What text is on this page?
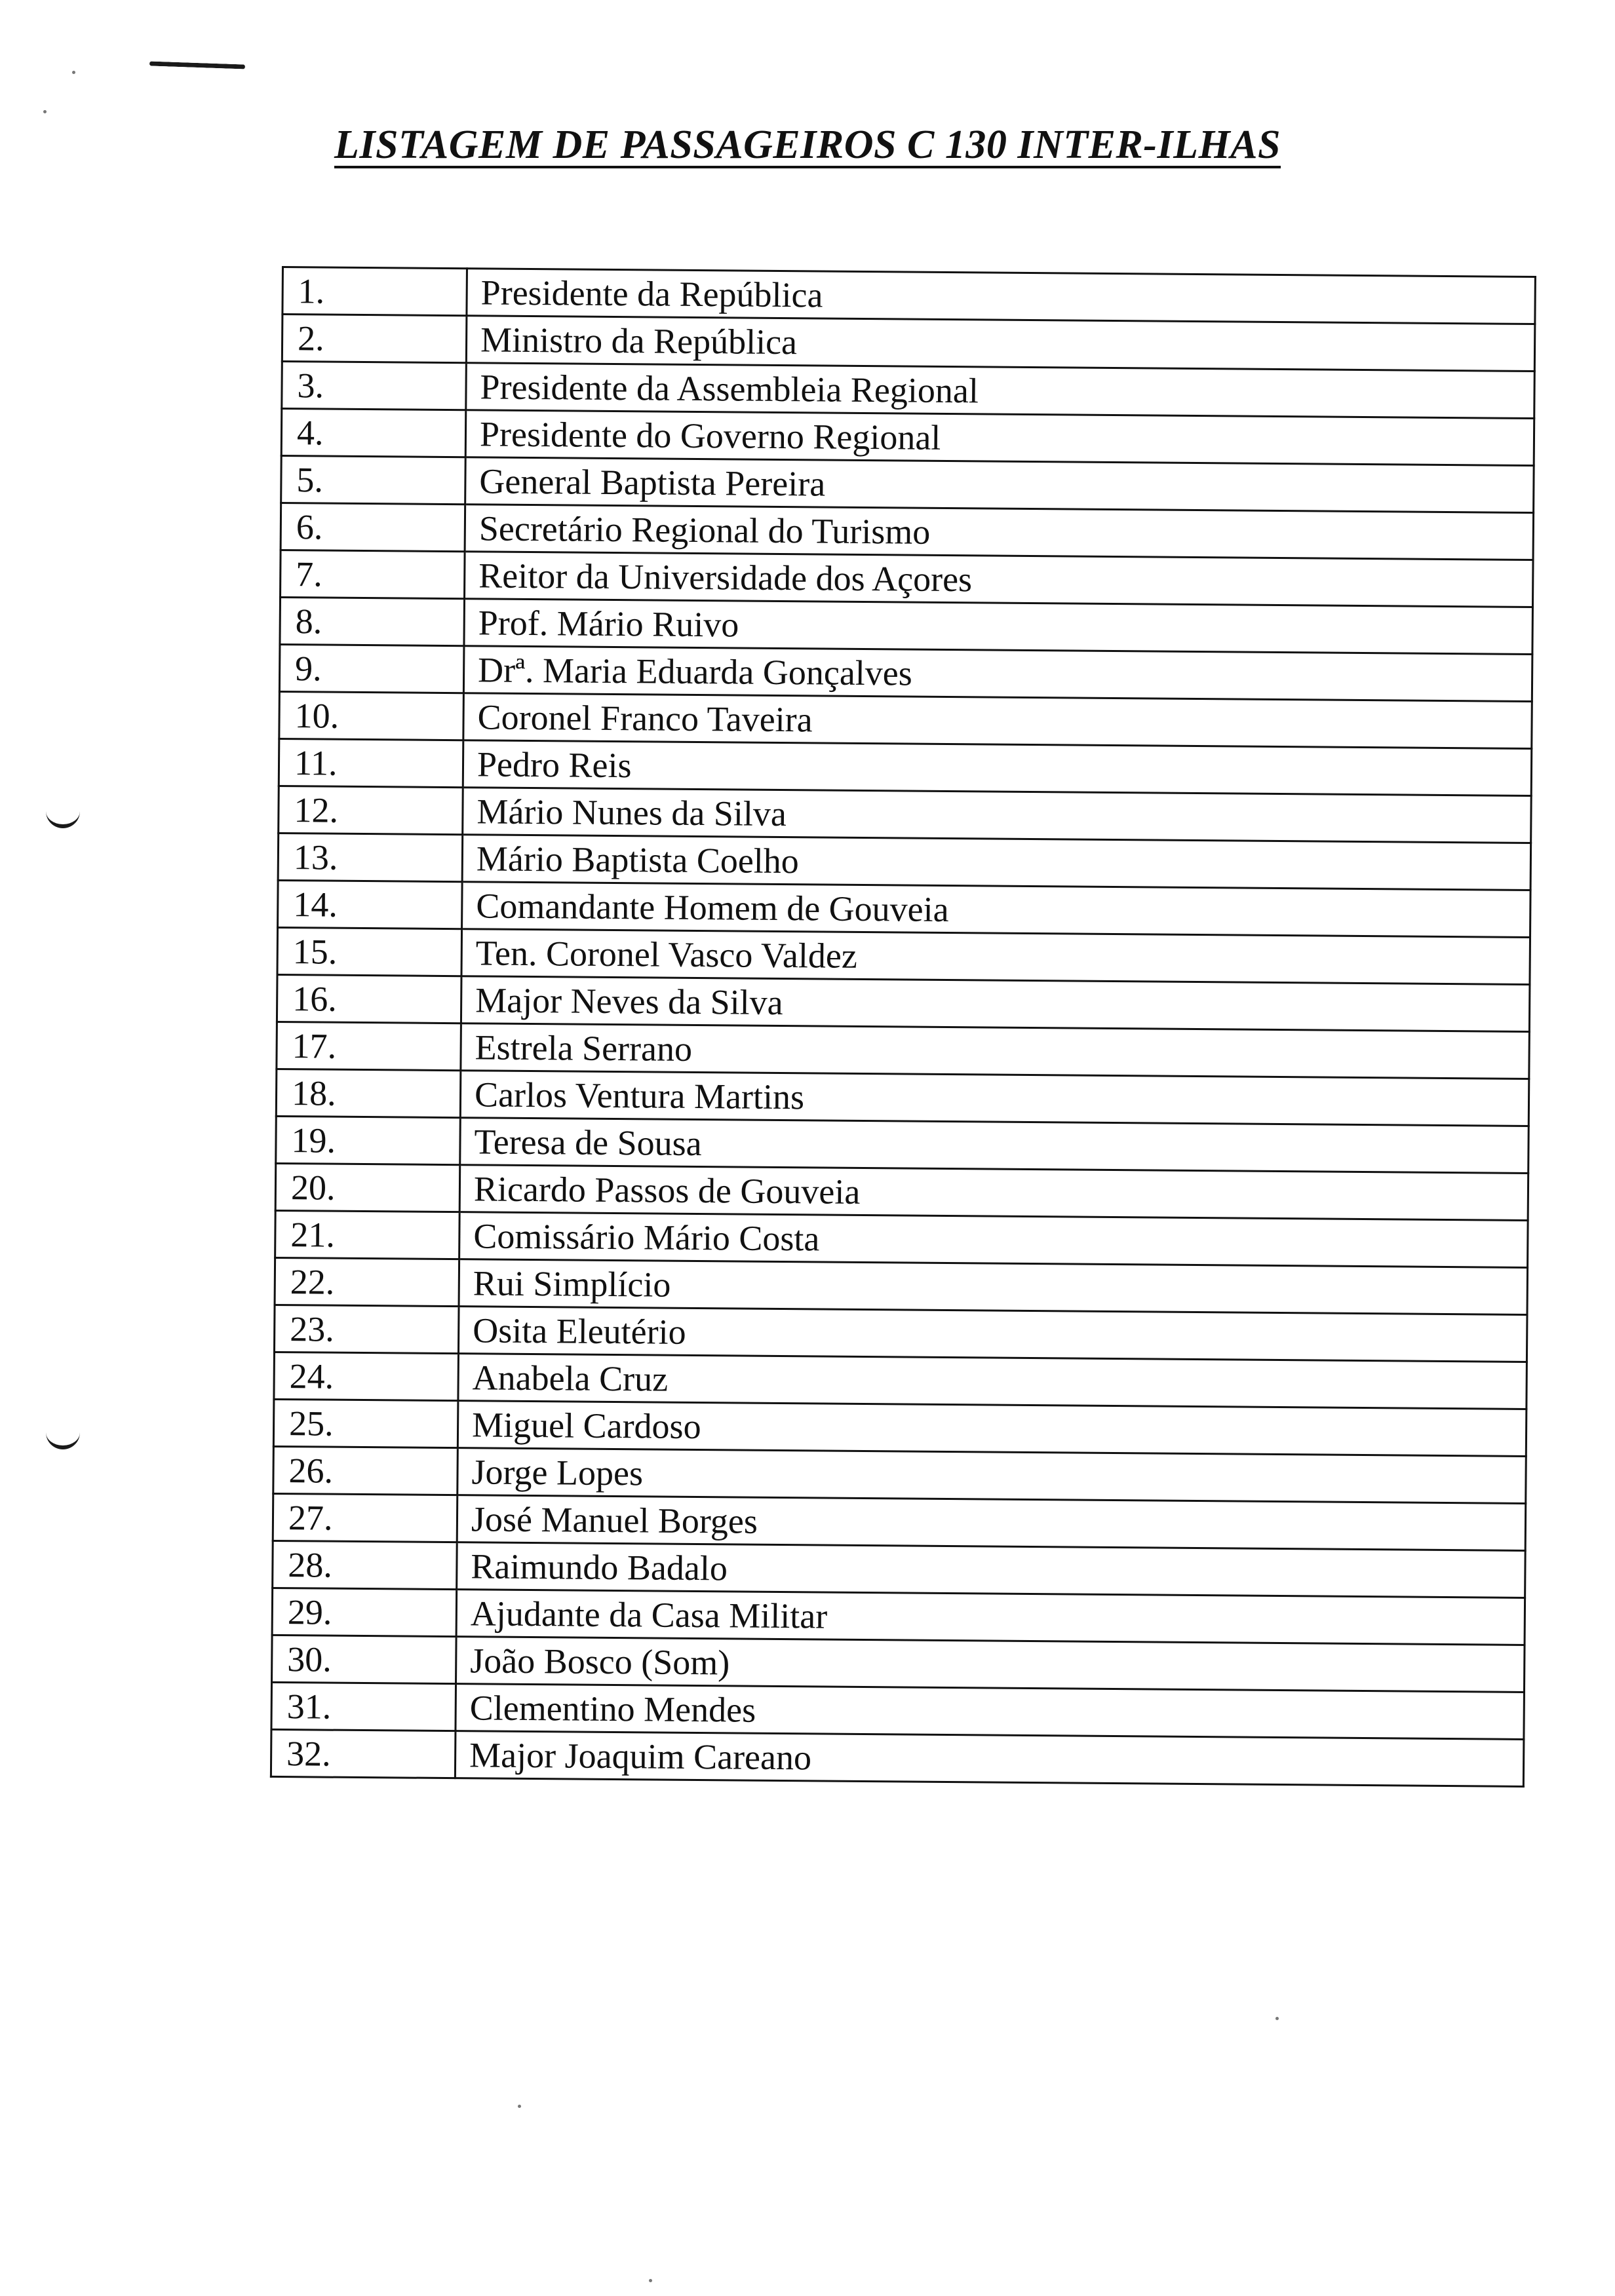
LISTAGEM DE PASSAGEIROS C 130 INTER-ILHAS
1.	Presidente da República
2.	Ministro da República
3.	Presidente da Assembleia Regional
4.	Presidente do Governo Regional
5.	General Baptista Pereira
6.	Secretário Regional do Turismo
7.	Reitor da Universidade dos Açores
8.	Prof. Mário Ruivo
9.	Drª. Maria Eduarda Gonçalves
10.	Coronel Franco Taveira
11.	Pedro Reis
12.	Mário Nunes da Silva
13.	Mário Baptista Coelho
14.	Comandante Homem de Gouveia
15.	Ten. Coronel Vasco Valdez
16.	Major Neves da Silva
17.	Estrela Serrano
18.	Carlos Ventura Martins
19.	Teresa de Sousa
20.	Ricardo Passos de Gouveia
21.	Comissário Mário Costa
22.	Rui Simplício
23.	Osita Eleutério
24.	Anabela Cruz
25.	Miguel Cardoso
26.	Jorge Lopes
27.	José Manuel Borges
28.	Raimundo Badalo
29.	Ajudante da Casa Militar
30.	João Bosco (Som)
31.	Clementino Mendes
32.	Major Joaquim Careano
